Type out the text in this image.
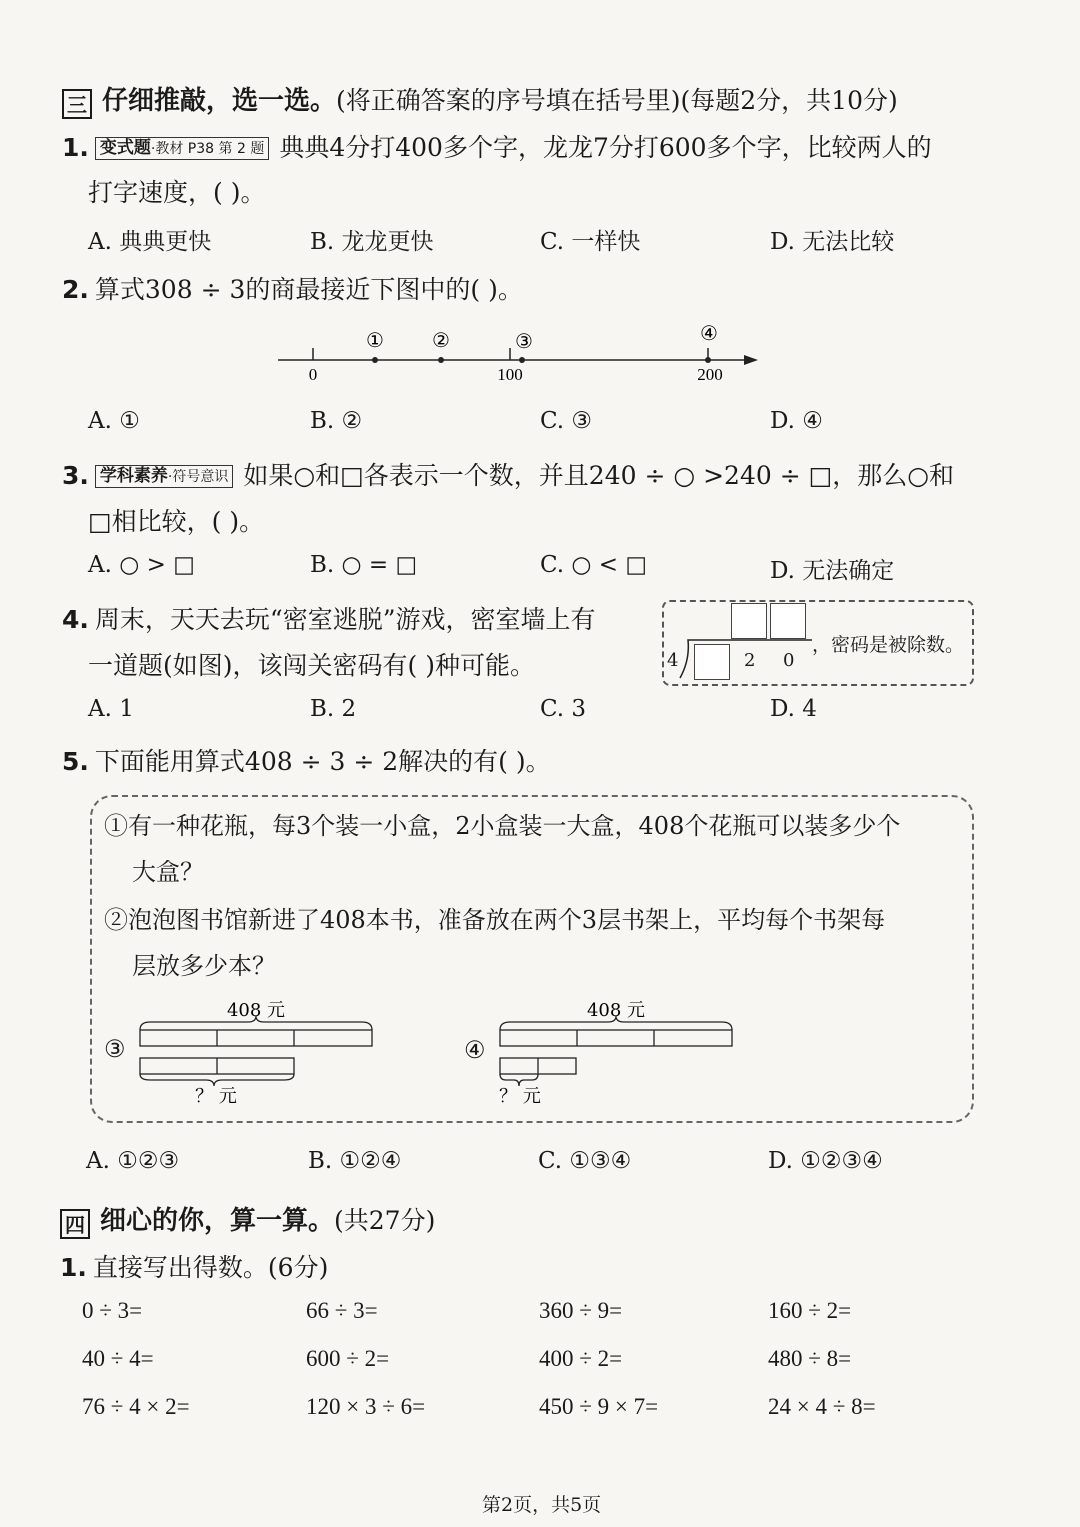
三 仔细推敲，选一选。(将正确答案的序号填在括号里)(每题2分，共10分)
1. 变式题·教材 P38 第 2 题 典典4分打400多个字，龙龙7分打600多个字，比较两人的
打字速度，( )。
A. 典典更快	B. 龙龙更快	C. 一样快	D. 无法比较
2. 算式308 ÷ 3的商最接近下图中的( )。
① ②	③	④
0	100	200
A. ①	B. ②	C. ③	D. ④
3. 学科素养·符号意识 如果○和□各表示一个数，并且240 ÷ ○ >240 ÷ □，那么○和
□相比较，( )。
A. ○ > □	B. ○ = □	C. ○ < □	D. 无法确定
4. 周末，天天去玩“密室逃脱”游戏，密室墙上有
一道题(如图)，该闯关密码有( )种可能。	4	2 0
，密码是被除数。
A. 1	B. 2	C. 3	D. 4
5. 下面能用算式408 ÷ 3 ÷ 2解决的有( )。
①有一种花瓶，每3个装一小盒，2小盒装一大盒，408个花瓶可以装多少个
大盒？
②泡泡图书馆新进了408本书，准备放在两个3层书架上，平均每个书架每
层放多少本？
③
408 元
？ 元
④
408 元
？ 元
A. ①②③	B. ①②④	C. ①③④	D. ①②③④
四 细心的你，算一算。(共27分)
1. 直接写出得数。(6分)
0 ÷ 3=	66 ÷ 3=	360 ÷ 9=	160 ÷ 2=
40 ÷ 4=	600 ÷ 2=	400 ÷ 2=	480 ÷ 8=
76 ÷ 4 × 2=	120 × 3 ÷ 6=	450 ÷ 9 × 7=	24 × 4 ÷ 8=
第2页，共5页
